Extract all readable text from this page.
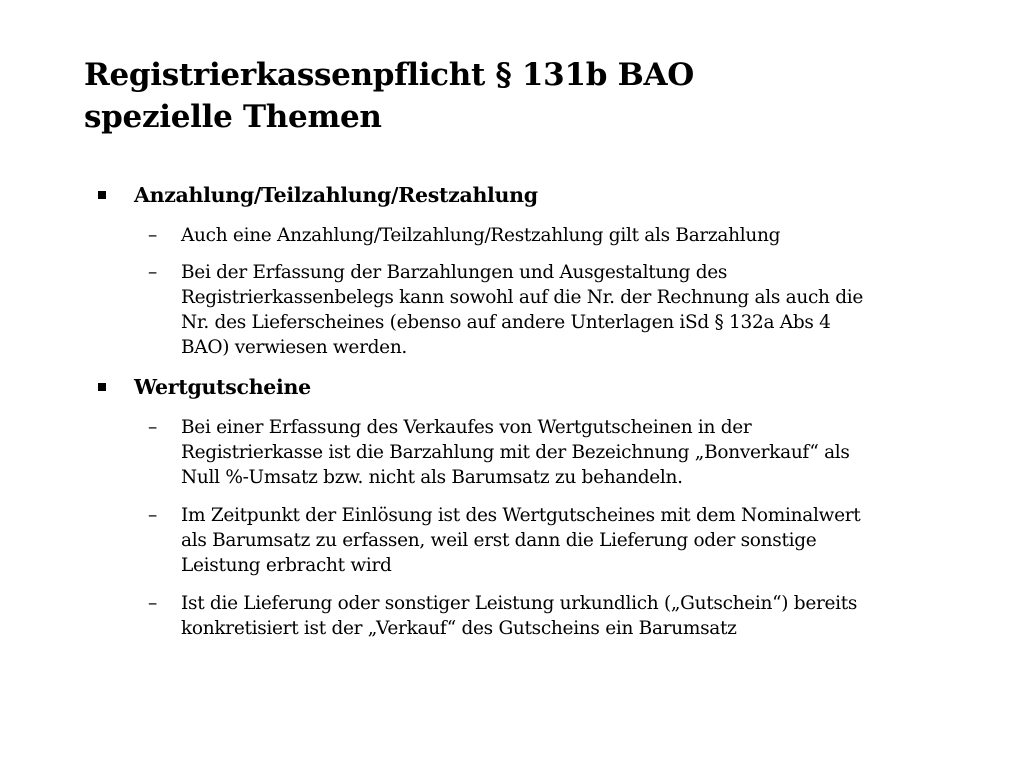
Registrierkassenpflicht § 131b BAO
spezielle Themen
Anzahlung/Teilzahlung/Restzahlung
– Auch eine Anzahlung/Teilzahlung/Restzahlung gilt als Barzahlung
– Bei der Erfassung der Barzahlungen und Ausgestaltung des
Registrierkassenbelegs kann sowohl auf die Nr. der Rechnung als auch die
Nr. des Lieferscheines (ebenso auf andere Unterlagen iSd § 132a Abs 4
BAO) verwiesen werden.
Wertgutscheine
– Bei einer Erfassung des Verkaufes von Wertgutscheinen in der
Registrierkasse ist die Barzahlung mit der Bezeichnung „Bonverkauf“ als
Null %-Umsatz bzw. nicht als Barumsatz zu behandeln.
– Im Zeitpunkt der Einlösung ist des Wertgutscheines mit dem Nominalwert
als Barumsatz zu erfassen, weil erst dann die Lieferung oder sonstige
Leistung erbracht wird
– Ist die Lieferung oder sonstiger Leistung urkundlich („Gutschein“) bereits
konkretisiert ist der „Verkauf“ des Gutscheins ein Barumsatz
